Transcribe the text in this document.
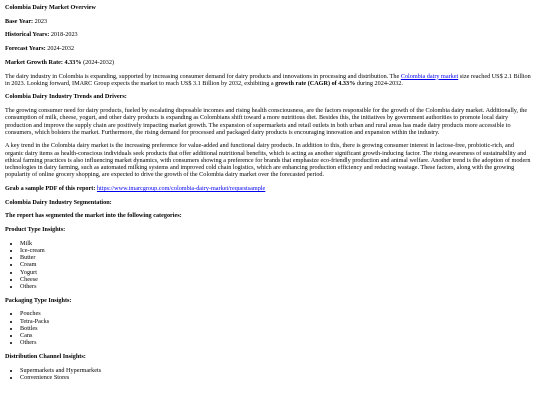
Colombia Dairy Market Overview
Base Year: 2023
Historical Years: 2018-2023
Forecast Years: 2024-2032
Market Growth Rate: 4.33% (2024-2032)

The dairy industry in Colombia is expanding, supported by increasing consumer demand for dairy products and innovations in processing and distribution. The Colombia dairy market size reached US$ 2.1 Billion in 2023. Looking forward, IMARC Group expects the market to reach US$ 3.1 Billion by 2032, exhibiting a growth rate (CAGR) of 4.33% during 2024-2032.

Colombia Dairy Industry Trends and Drivers:

The growing consumer need for dairy products, fueled by escalating disposable incomes and rising health consciousness, are the factors responsible for the growth of the Colombia dairy market. Additionally, the consumption of milk, cheese, yogurt, and other dairy products is expanding as Colombians shift toward a more nutritious diet. Besides this, the initiatives by government authorities to promote local dairy production and improve the supply chain are positively impacting market growth. The expansion of supermarkets and retail outlets in both urban and rural areas has made dairy products more accessible to consumers, which bolsters the market. Furthermore, the rising demand for processed and packaged dairy products is encouraging innovation and expansion within the industry.

A key trend in the Colombia dairy market is the increasing preference for value-added and functional dairy products. In addition to this, there is growing consumer interest in lactose-free, probiotic-rich, and organic dairy items as health-conscious individuals seek products that offer additional nutritional benefits, which is acting as another significant growth-inducing factor. The rising awareness of sustainability and ethical farming practices is also influencing market dynamics, with consumers showing a preference for brands that emphasize eco-friendly production and animal welfare. Another trend is the adoption of modern technologies in dairy farming, such as automated milking systems and improved cold chain logistics, which are enhancing production efficiency and reducing wastage. These factors, along with the growing popularity of online grocery shopping, are expected to drive the growth of the Colombia dairy market over the forecasted period.

Grab a sample PDF of this report: https://www.imarcgroup.com/colombia-dairy-market/requestsample

Colombia Dairy Industry Segmentation:
The report has segmented the market into the following categories:
Product Type Insights:
• Milk
• Ice-cream
• Butter
• Cream
• Yogurt
• Cheese
• Others
Packaging Type Insights:
• Pouches
• Tetra-Packs
• Bottles
• Cans
• Others
Distribution Channel Insights:
• Supermarkets and Hypermarkets
• Convenience Stores
